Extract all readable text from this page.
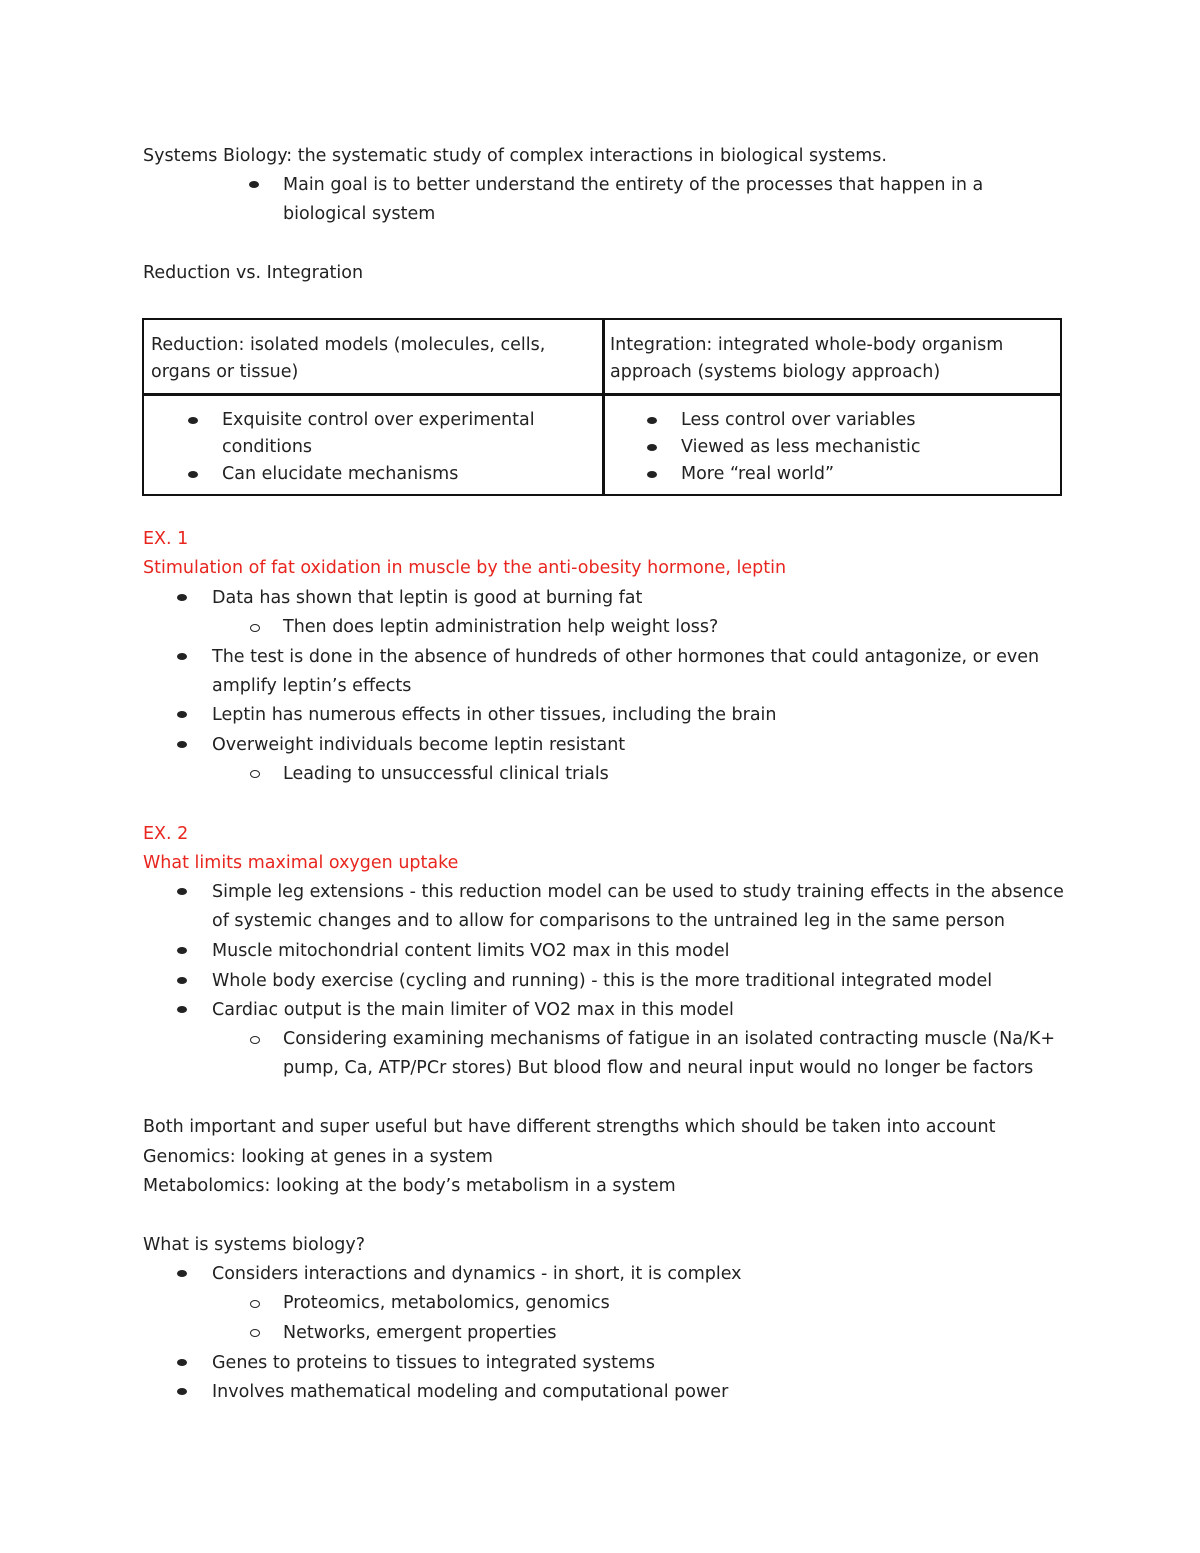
Systems Biology: the systematic study of complex interactions in biological systems.
Main goal is to better understand the entirety of the processes that happen in a
biological system
Reduction vs. Integration
Reduction: isolated models (molecules, cells,
organs or tissue)
Integration: integrated whole-body organism
approach (systems biology approach)
Exquisite control over experimental
conditions
Can elucidate mechanisms
Less control over variables
Viewed as less mechanistic
More “real world”
EX. 1
Stimulation of fat oxidation in muscle by the anti-obesity hormone, leptin
Data has shown that leptin is good at burning fat
Then does leptin administration help weight loss?
The test is done in the absence of hundreds of other hormones that could antagonize, or even
amplify leptin’s effects
Leptin has numerous effects in other tissues, including the brain
Overweight individuals become leptin resistant
Leading to unsuccessful clinical trials
EX. 2
What limits maximal oxygen uptake
Simple leg extensions - this reduction model can be used to study training effects in the absence
of systemic changes and to allow for comparisons to the untrained leg in the same person
Muscle mitochondrial content limits VO2 max in this model
Whole body exercise (cycling and running) - this is the more traditional integrated model
Cardiac output is the main limiter of VO2 max in this model
Considering examining mechanisms of fatigue in an isolated contracting muscle (Na/K+
pump, Ca, ATP/PCr stores) But blood flow and neural input would no longer be factors
Both important and super useful but have different strengths which should be taken into account
Genomics: looking at genes in a system
Metabolomics: looking at the body’s metabolism in a system
What is systems biology?
Considers interactions and dynamics - in short, it is complex
Proteomics, metabolomics, genomics
Networks, emergent properties
Genes to proteins to tissues to integrated systems
Involves mathematical modeling and computational power
